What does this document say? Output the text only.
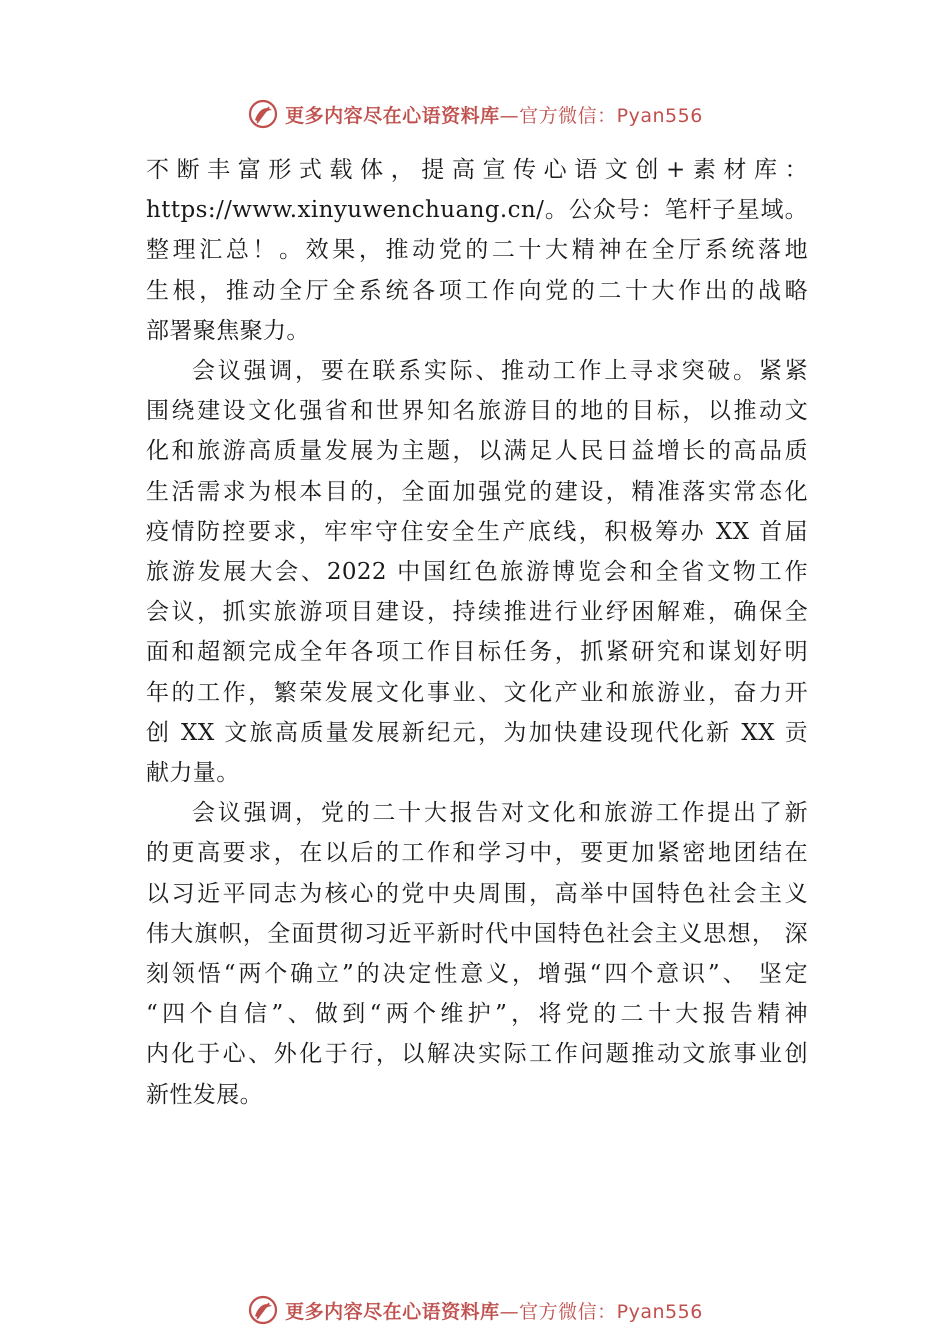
更多内容尽在心语资料库—官方微信：Pyan556

不断丰富形式载体，提高宣传心语文创+素材库：
https://www.xinyuwenchuang.cn/。公众号：笔杆子星域。
整理汇总！。效果，推动党的二十大精神在全厅系统落地
生根，推动全厅全系统各项工作向党的二十大作出的战略
部署聚焦聚力。

会议强调，要在联系实际、推动工作上寻求突破。紧紧
围绕建设文化强省和世界知名旅游目的地的目标，以推动文
化和旅游高质量发展为主题，以满足人民日益增长的高品质
生活需求为根本目的，全面加强党的建设，精准落实常态化
疫情防控要求，牢牢守住安全生产底线，积极筹办 XX 首届
旅游发展大会、2022 中国红色旅游博览会和全省文物工作
会议，抓实旅游项目建设，持续推进行业纾困解难，确保全
面和超额完成全年各项工作目标任务，抓紧研究和谋划好明
年的工作，繁荣发展文化事业、文化产业和旅游业，奋力开
创 XX 文旅高质量发展新纪元，为加快建设现代化新 XX 贡
献力量。

会议强调，党的二十大报告对文化和旅游工作提出了新
的更高要求，在以后的工作和学习中，要更加紧密地团结在
以习近平同志为核心的党中央周围，高举中国特色社会主义
伟大旗帜，全面贯彻习近平新时代中国特色社会主义思想， 深
刻领悟“两个确立”的决定性意义，增强“四个意识”、 坚定
“四个自信”、做到“两个维护”，将党的二十大报告精神
内化于心、外化于行，以解决实际工作问题推动文旅事业创
新性发展。

更多内容尽在心语资料库—官方微信：Pyan556
